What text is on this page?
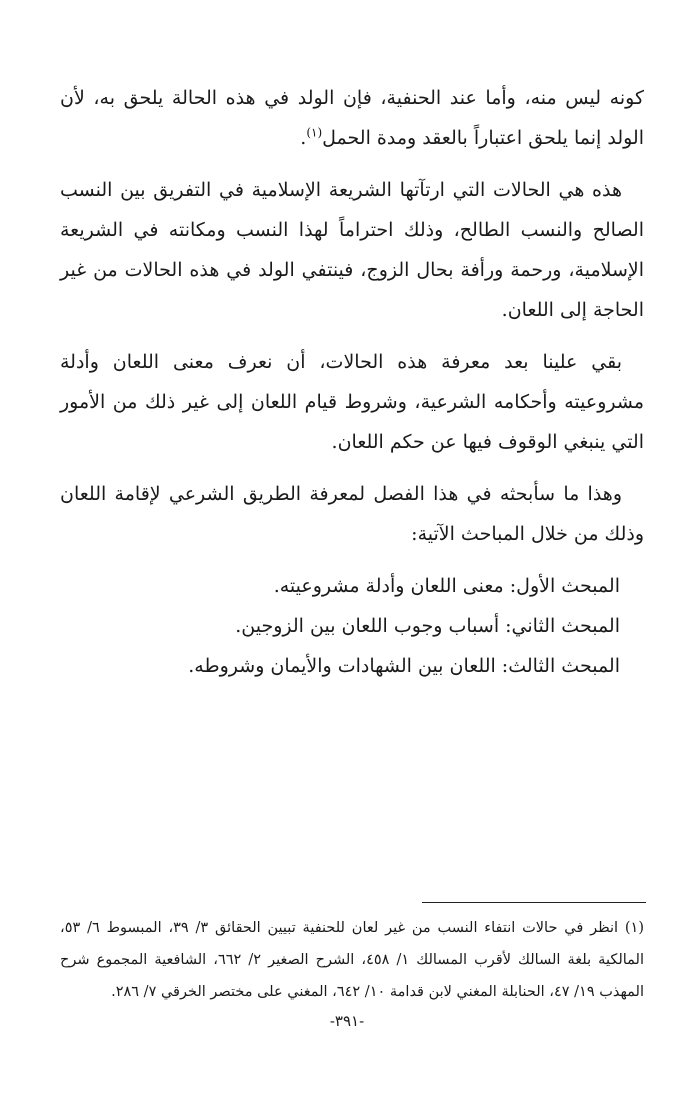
كونه ليس منه، وأما عند الحنفية، فإن الولد في هذه الحالة يلحق به، لأن الولد إنما يلحق اعتباراً بالعقد ومدة الحمل$^{(١)}$.

هذه هي الحالات التي ارتآتها الشريعة الإسلامية في التفريق بين النسب الصالح والنسب الطالح، وذلك احتراماً لهذا النسب ومكانته في الشريعة الإسلامية، ورحمة ورأفة بحال الزوج، فينتفي الولد في هذه الحالات من غير الحاجة إلى اللعان.

بقي علينا بعد معرفة هذه الحالات، أن نعرف معنى اللعان وأدلة مشروعيته وأحكامه الشرعية، وشروط قيام اللعان إلى غير ذلك من الأمور التي ينبغي الوقوف فيها عن حكم اللعان.

وهذا ما سأبحثه في هذا الفصل لمعرفة الطريق الشرعي لإقامة اللعان وذلك من خلال المباحث الآتية:

المبحث الأول: معنى اللعان وأدلة مشروعيته.
المبحث الثاني: أسباب وجوب اللعان بين الزوجين.
المبحث الثالث: اللعان بين الشهادات والأيمان وشروطه.
(١) انظر في حالات انتفاء النسب من غير لعان للحنفية تبيين الحقائق ٣/ ٣٩، المبسوط ٦/ ٥٣، المالكية بلغة السالك لأقرب المسالك ١/ ٤٥٨، الشرح الصغير ٢/ ٦٦٢، الشافعية المجموع شرح المهذب ١٩/ ٤٧، الحنابلة المغني لابن قدامة ١٠/ ٦٤٢، المغني على مختصر الخرقي ٧/ ٢٨٦.
-٣٩١-
